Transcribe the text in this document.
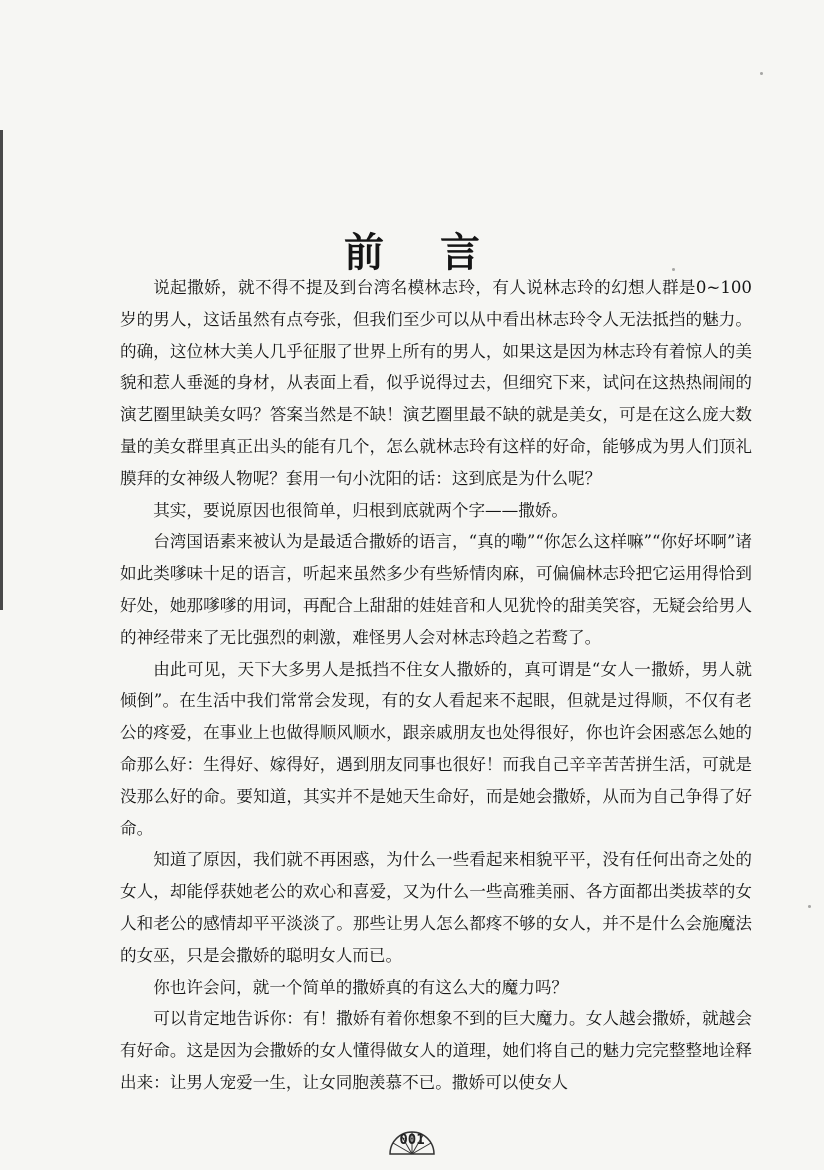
前言

说起撒娇，就不得不提及到台湾名模林志玲，有人说林志玲的幻想人群是0~100岁的男人，这话虽然有点夸张，但我们至少可以从中看出林志玲令人无法抵挡的魅力。的确，这位林大美人几乎征服了世界上所有的男人，如果这是因为林志玲有着惊人的美貌和惹人垂涎的身材，从表面上看，似乎说得过去，但细究下来，试问在这热热闹闹的演艺圈里缺美女吗？答案当然是不缺！演艺圈里最不缺的就是美女，可是在这么庞大数量的美女群里真正出头的能有几个，怎么就林志玲有这样的好命，能够成为男人们顶礼膜拜的女神级人物呢？套用一句小沈阳的话：这到底是为什么呢？

其实，要说原因也很简单，归根到底就两个字——撒娇。

台湾国语素来被认为是最适合撒娇的语言，“真的嘞”“你怎么这样嘛”“你好坏啊”诸如此类嗲味十足的语言，听起来虽然多少有些矫情肉麻，可偏偏林志玲把它运用得恰到好处，她那嗲嗲的用词，再配合上甜甜的娃娃音和人见犹怜的甜美笑容，无疑会给男人的神经带来了无比强烈的刺激，难怪男人会对林志玲趋之若鹜了。

由此可见，天下大多男人是抵挡不住女人撒娇的，真可谓是“女人一撒娇，男人就倾倒”。在生活中我们常常会发现，有的女人看起来不起眼，但就是过得顺，不仅有老公的疼爱，在事业上也做得顺风顺水，跟亲戚朋友也处得很好，你也许会困惑怎么她的命那么好：生得好、嫁得好，遇到朋友同事也很好！而我自己辛辛苦苦拼生活，可就是没那么好的命。要知道，其实并不是她天生命好，而是她会撒娇，从而为自己争得了好命。

知道了原因，我们就不再困惑，为什么一些看起来相貌平平，没有任何出奇之处的女人，却能俘获她老公的欢心和喜爱，又为什么一些高雅美丽、各方面都出类拔萃的女人和老公的感情却平平淡淡了。那些让男人怎么都疼不够的女人，并不是什么会施魔法的女巫，只是会撒娇的聪明女人而已。

你也许会问，就一个简单的撒娇真的有这么大的魔力吗？

可以肯定地告诉你：有！撒娇有着你想象不到的巨大魔力。女人越会撒娇，就越会有好命。这是因为会撒娇的女人懂得做女人的道理，她们将自己的魅力完完整整地诠释出来：让男人宠爱一生，让女同胞羡慕不已。撒娇可以使女人

001
